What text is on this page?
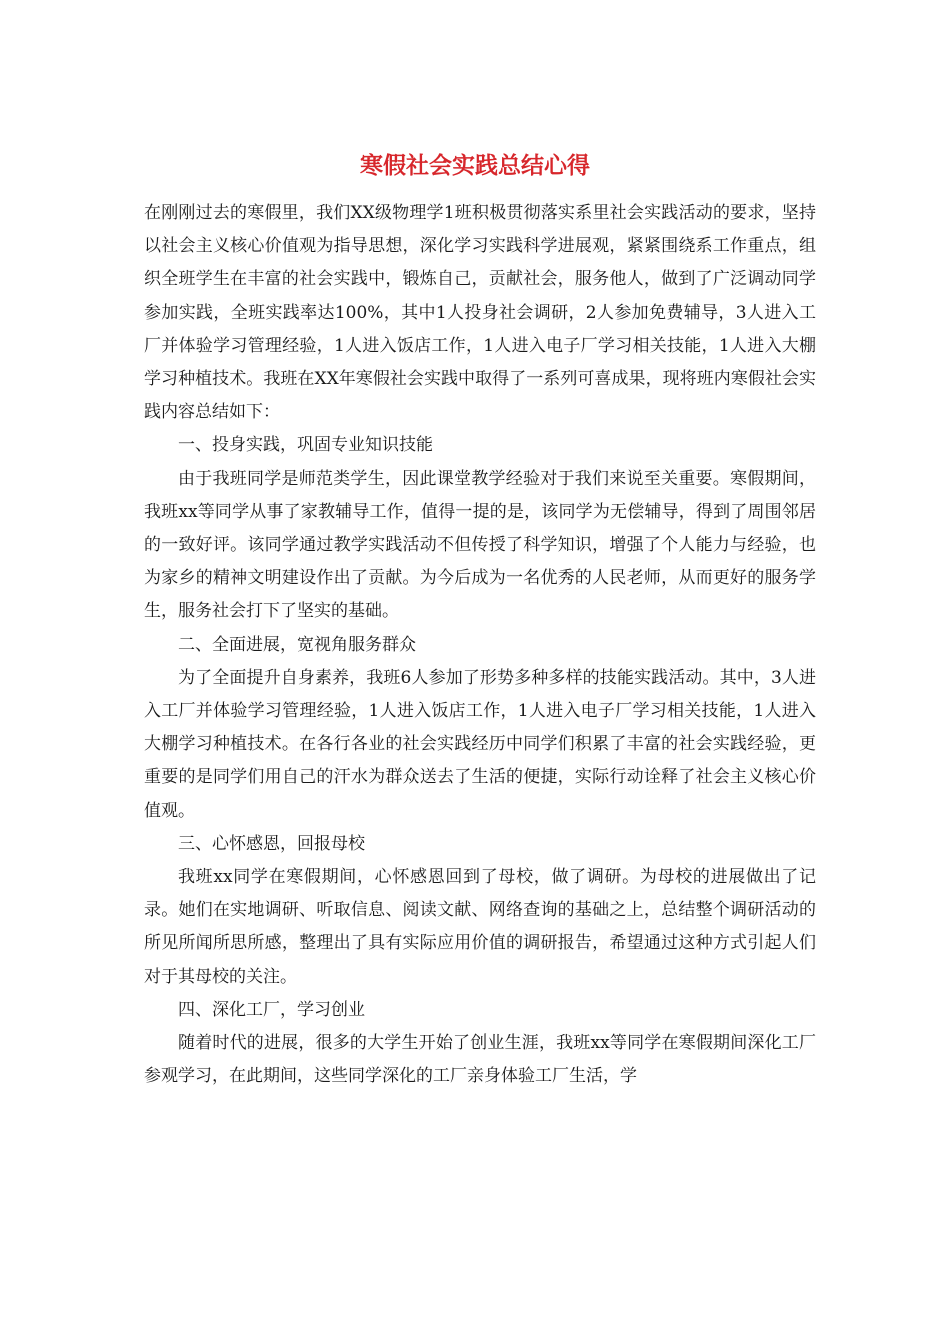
寒假社会实践总结心得

在刚刚过去的寒假里，我们XX级物理学1班积极贯彻落实系里社会实践活动的要求，坚持以社会主义核心价值观为指导思想，深化学习实践科学进展观，紧紧围绕系工作重点，组织全班学生在丰富的社会实践中，锻炼自己，贡献社会，服务他人，做到了广泛调动同学参加实践，全班实践率达100%，其中1人投身社会调研，2人参加免费辅导，3人进入工厂并体验学习管理经验，1人进入饭店工作，1人进入电子厂学习相关技能，1人进入大棚学习种植技术。我班在XX年寒假社会实践中取得了一系列可喜成果，现将班内寒假社会实践内容总结如下：

一、投身实践，巩固专业知识技能

由于我班同学是师范类学生，因此课堂教学经验对于我们来说至关重要。寒假期间，我班xx等同学从事了家教辅导工作，值得一提的是，该同学为无偿辅导，得到了周围邻居的一致好评。该同学通过教学实践活动不但传授了科学知识，增强了个人能力与经验，也为家乡的精神文明建设作出了贡献。为今后成为一名优秀的人民老师，从而更好的服务学生，服务社会打下了坚实的基础。

二、全面进展，宽视角服务群众

为了全面提升自身素养，我班6人参加了形势多种多样的技能实践活动。其中，3人进入工厂并体验学习管理经验，1人进入饭店工作，1人进入电子厂学习相关技能，1人进入大棚学习种植技术。在各行各业的社会实践经历中同学们积累了丰富的社会实践经验，更重要的是同学们用自己的汗水为群众送去了生活的便捷，实际行动诠释了社会主义核心价值观。

三、心怀感恩，回报母校

我班xx同学在寒假期间，心怀感恩回到了母校，做了调研。为母校的进展做出了记录。她们在实地调研、听取信息、阅读文献、网络查询的基础之上，总结整个调研活动的所见所闻所思所感，整理出了具有实际应用价值的调研报告，希望通过这种方式引起人们对于其母校的关注。

四、深化工厂，学习创业

随着时代的进展，很多的大学生开始了创业生涯，我班xx等同学在寒假期间深化工厂参观学习，在此期间，这些同学深化的工厂亲身体验工厂生活，学
